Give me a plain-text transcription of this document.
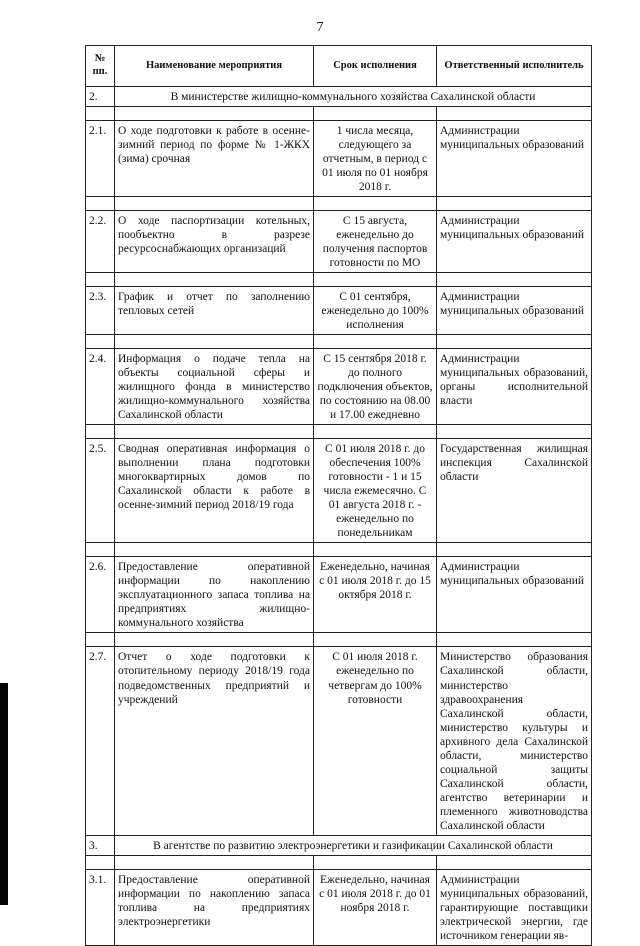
7
№ пп.	Наименование мероприятия	Срок исполнения	Ответственный исполнитель
2.	В министерстве жилищно-коммунального хозяйства Сахалинской области		

2.1.	О ходе подготовки к работе в осенне-зимний период по форме № 1-ЖКХ (зима) срочная	1 числа месяца, следующего за отчетным, в период с 01 июля по 01 ноября 2018 г.	Администрации муниципальных образований

2.2.	О ходе паспортизации котельных, пообъектно в разрезе ресурсоснабжающих организаций	С 15 августа, еженедельно до получения паспортов готовности по МО	Администрации муниципальных образований

2.3.	График и отчет по заполнению тепловых сетей	С 01 сентября, еженедельно до 100% исполнения	Администрации муниципальных образований

2.4.	Информация о подаче тепла на объекты социальной сферы и жилищного фонда в министерство жилищно-коммунального хозяйства Сахалинской области	С 15 сентября 2018 г. до полного подключения объектов, по состоянию на 08.00 и 17.00 ежедневно	Администрации муниципальных образований, органы исполнительной власти

2.5.	Сводная оперативная информация о выполнении плана подготовки многоквартирных домов по Сахалинской области к работе в осенне-зимний период 2018/19 года	С 01 июля 2018 г. до обеспечения 100% готовности - 1 и 15 числа ежемесячно. С 01 августа 2018 г. - еженедельно по понедельникам	Государственная жилищная инспекция Сахалинской области

2.6.	Предоставление оперативной информации по накоплению эксплуатационного запаса топлива на предприятиях жилищно-коммунального хозяйства	Еженедельно, начиная с 01 июля 2018 г. до 15 октября 2018 г.	Администрации муниципальных образований

2.7.	Отчет о ходе подготовки к отопительному периоду 2018/19 года подведомственных предприятий и учреждений	С 01 июля 2018 г. еженедельно по четвергам до 100% готовности	Министерство образования Сахалинской области, министерство здравоохранения Сахалинской области, министерство культуры и архивного дела Сахалинской области, министерство социальной защиты Сахалинской области, агентство ветеринарии и племенного животноводства Сахалинской области
3.	В агентстве по развитию электроэнергетики и газификации Сахалинской области		

3.1.	Предоставление оперативной информации по накоплению запаса топлива на предприятиях электроэнергетики	Еженедельно, начиная с 01 июля 2018 г. до 01 ноября 2018 г.	Администрации муниципальных образований, гарантирующие поставщики электрической энергии, где источником генерации яв-
